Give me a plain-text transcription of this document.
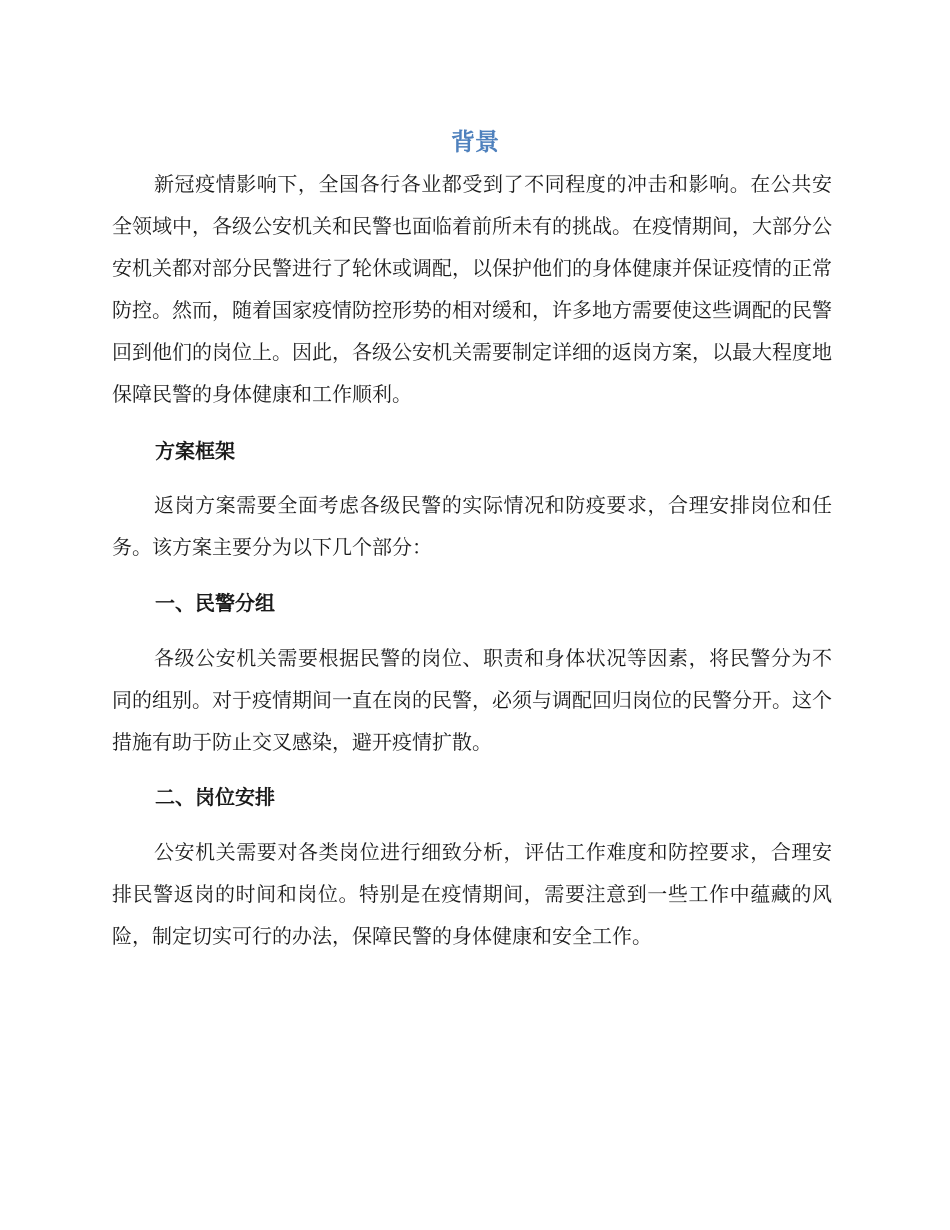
背景

新冠疫情影响下，全国各行各业都受到了不同程度的冲击和影响。在公共安全领域中，各级公安机关和民警也面临着前所未有的挑战。在疫情期间，大部分公安机关都对部分民警进行了轮休或调配，以保护他们的身体健康并保证疫情的正常防控。然而，随着国家疫情防控形势的相对缓和，许多地方需要使这些调配的民警回到他们的岗位上。因此，各级公安机关需要制定详细的返岗方案，以最大程度地保障民警的身体健康和工作顺利。

方案框架

返岗方案需要全面考虑各级民警的实际情况和防疫要求，合理安排岗位和任务。该方案主要分为以下几个部分：

一、民警分组

各级公安机关需要根据民警的岗位、职责和身体状况等因素，将民警分为不同的组别。对于疫情期间一直在岗的民警，必须与调配回归岗位的民警分开。这个措施有助于防止交叉感染，避开疫情扩散。

二、岗位安排

公安机关需要对各类岗位进行细致分析，评估工作难度和防控要求，合理安排民警返岗的时间和岗位。特别是在疫情期间，需要注意到一些工作中蕴藏的风险，制定切实可行的办法，保障民警的身体健康和安全工作。
